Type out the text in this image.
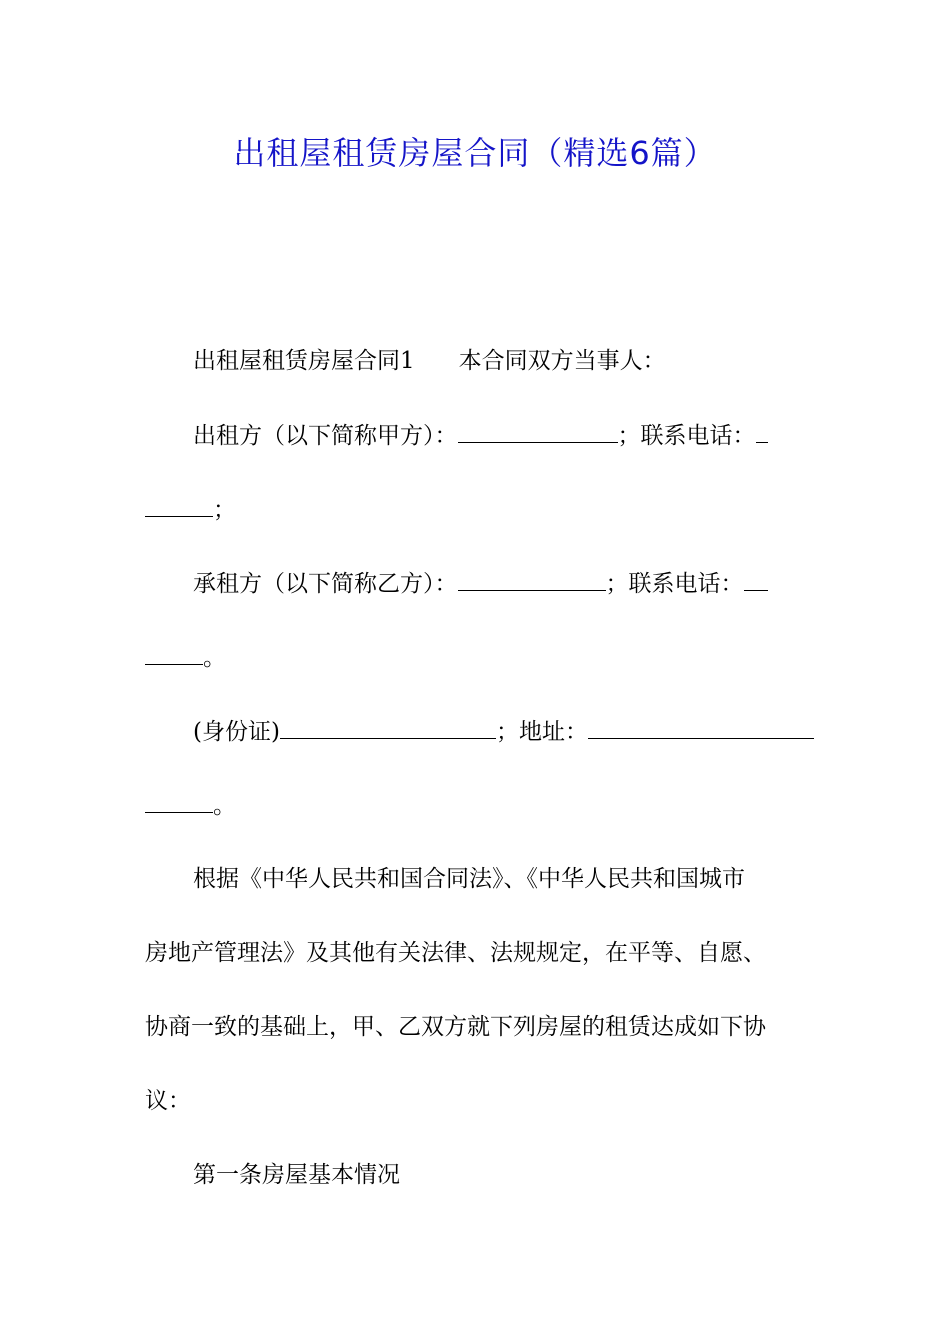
出租屋租赁房屋合同（精选6篇）
出租屋租赁房屋合同1 本合同双方当事人：
出租方（以下简称甲方）：	；联系电话：
；
承租方（以下简称乙方）：	；联系电话：
。
(身份证)	；地址：
。
根据《中华人民共和国合同法》、《中华人民共和国城市
房地产管理法》及其他有关法律、法规规定，在平等、自愿、
协商一致的基础上，甲、乙双方就下列房屋的租赁达成如下协
议：
第一条房屋基本情况
